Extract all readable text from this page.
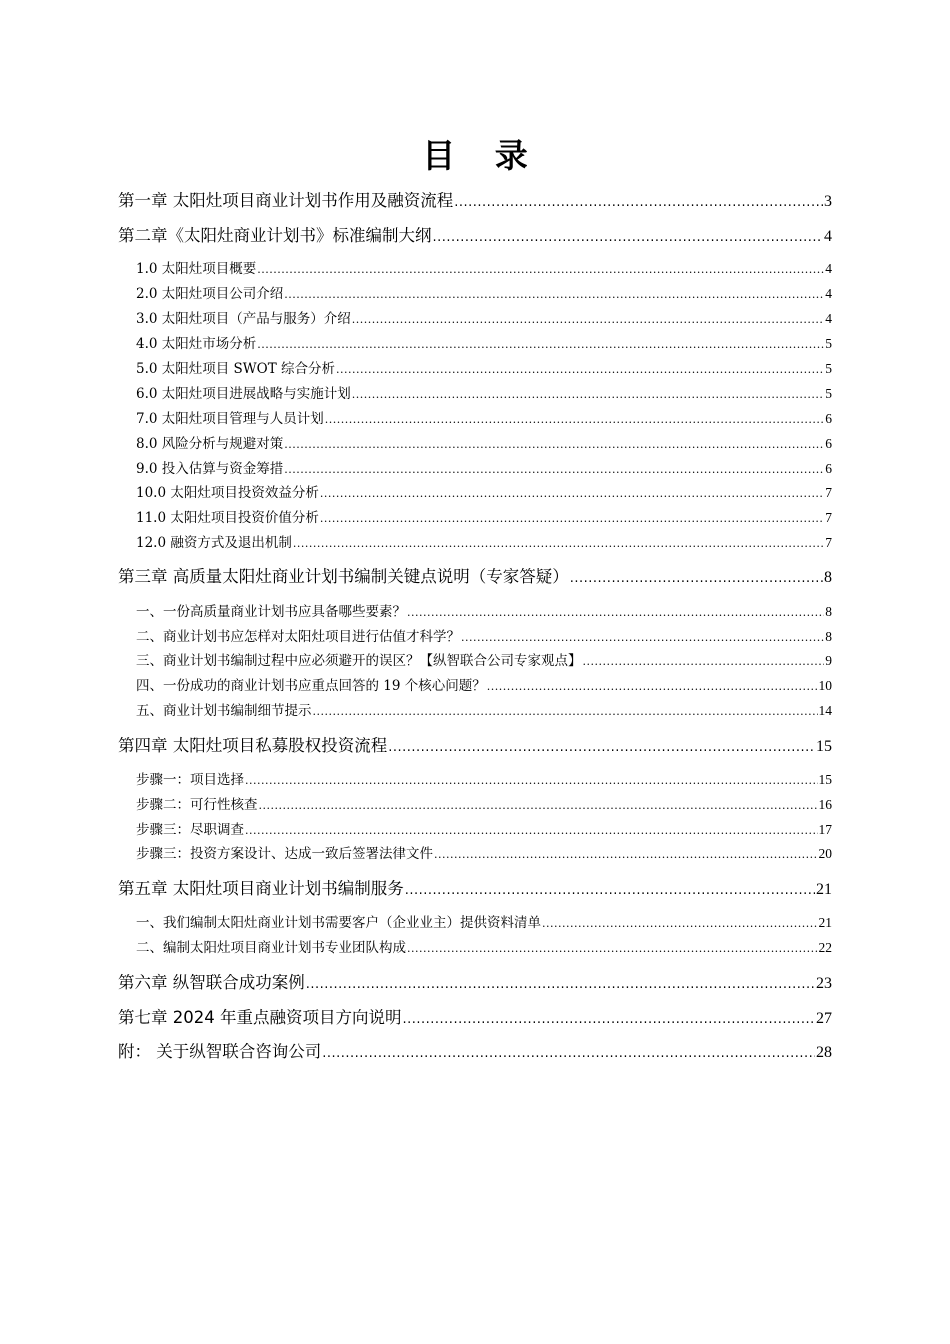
目 录
第一章 太阳灶项目商业计划书作用及融资流程 .....	3
第二章《太阳灶商业计划书》标准编制大纲 .....	4
1.0 太阳灶项目概要 .....	4
2.0 太阳灶项目公司介绍 .....	4
3.0 太阳灶项目（产品与服务）介绍 .....	4
4.0 太阳灶市场分析 .....	5
5.0 太阳灶项目 SWOT 综合分析 .....	5
6.0 太阳灶项目进展战略与实施计划 .....	5
7.0 太阳灶项目管理与人员计划 .....	6
8.0 风险分析与规避对策 .....	6
9.0 投入估算与资金筹措 .....	6
10.0 太阳灶项目投资效益分析 .....	7
11.0 太阳灶项目投资价值分析 .....	7
12.0 融资方式及退出机制 .....	7
第三章 高质量太阳灶商业计划书编制关键点说明（专家答疑） .....	8
一、一份高质量商业计划书应具备哪些要素？ .....	8
二、商业计划书应怎样对太阳灶项目进行估值才科学？ .....	8
三、商业计划书编制过程中应必须避开的误区？【纵智联合公司专家观点】 .....	9
四、一份成功的商业计划书应重点回答的 19 个核心问题？ .....	10
五、商业计划书编制细节提示 .....	14
第四章 太阳灶项目私募股权投资流程 .....	15
步骤一：项目选择 .....	15
步骤二：可行性核查 .....	16
步骤三：尽职调查 .....	17
步骤三：投资方案设计、达成一致后签署法律文件 .....	20
第五章 太阳灶项目商业计划书编制服务 .....	21
一、我们编制太阳灶商业计划书需要客户（企业业主）提供资料清单 .....	21
二、编制太阳灶项目商业计划书专业团队构成 .....	22
第六章 纵智联合成功案例 .....	23
第七章 2024 年重点融资项目方向说明 .....	27
附： 关于纵智联合咨询公司 .....	28
